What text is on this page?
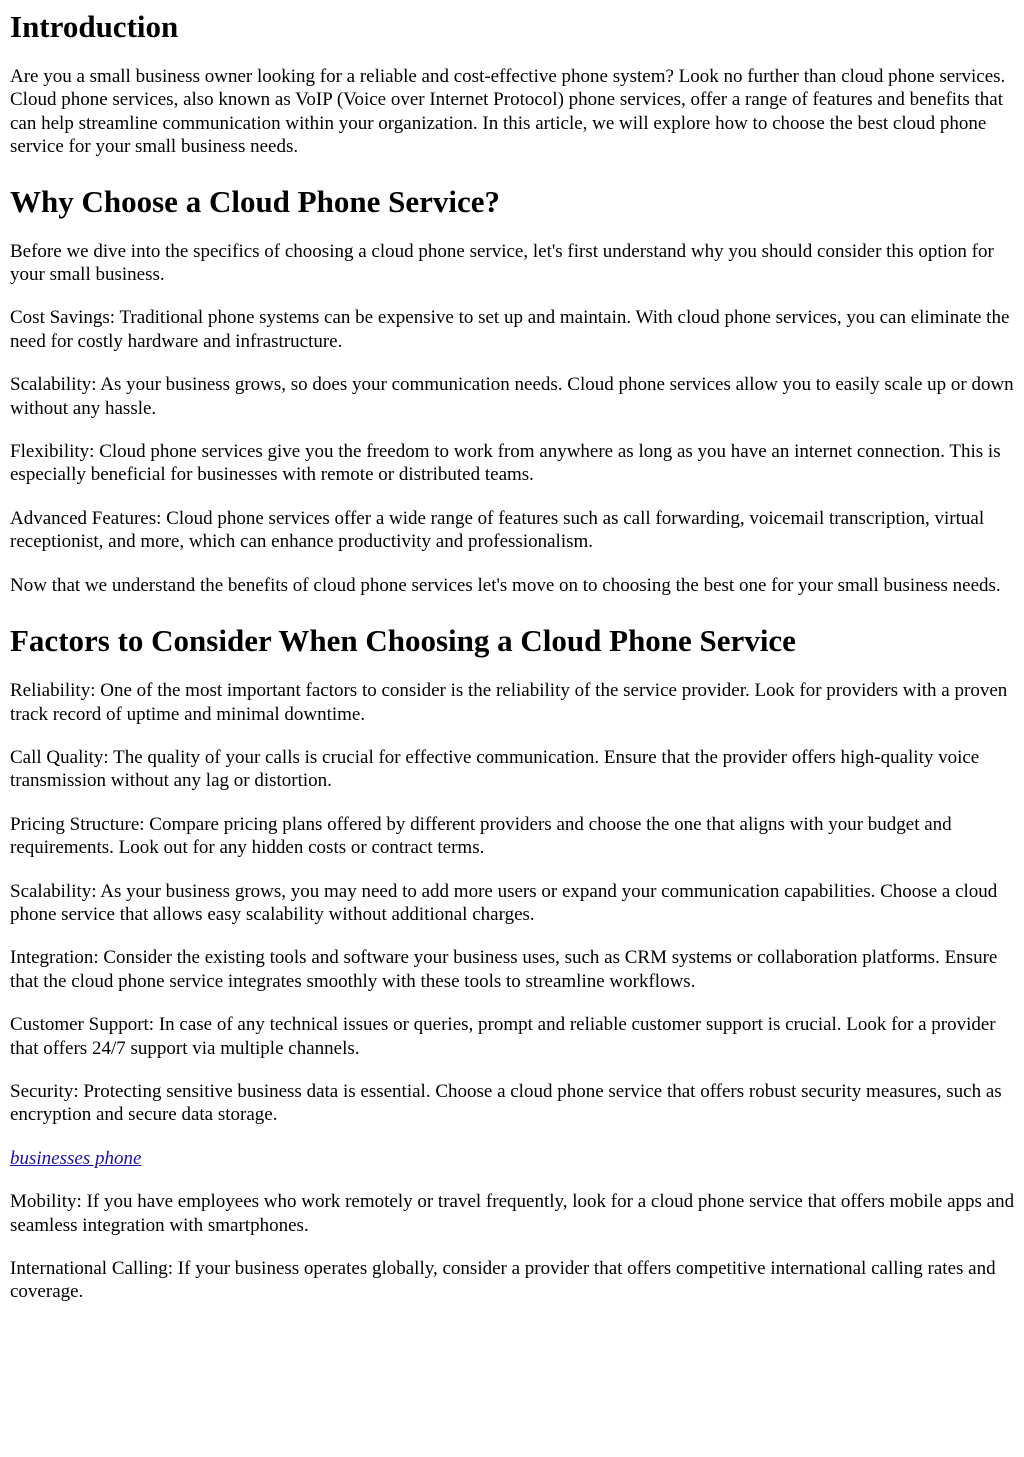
Introduction

Are you a small business owner looking for a reliable and cost-effective phone system? Look no further than cloud phone services. Cloud phone services, also known as VoIP (Voice over Internet Protocol) phone services, offer a range of features and benefits that can help streamline communication within your organization. In this article, we will explore how to choose the best cloud phone service for your small business needs.

Why Choose a Cloud Phone Service?

Before we dive into the specifics of choosing a cloud phone service, let's first understand why you should consider this option for your small business.

Cost Savings: Traditional phone systems can be expensive to set up and maintain. With cloud phone services, you can eliminate the need for costly hardware and infrastructure.

Scalability: As your business grows, so does your communication needs. Cloud phone services allow you to easily scale up or down without any hassle.

Flexibility: Cloud phone services give you the freedom to work from anywhere as long as you have an internet connection. This is especially beneficial for businesses with remote or distributed teams.

Advanced Features: Cloud phone services offer a wide range of features such as call forwarding, voicemail transcription, virtual receptionist, and more, which can enhance productivity and professionalism.

Now that we understand the benefits of cloud phone services let's move on to choosing the best one for your small business needs.

Factors to Consider When Choosing a Cloud Phone Service

Reliability: One of the most important factors to consider is the reliability of the service provider. Look for providers with a proven track record of uptime and minimal downtime.

Call Quality: The quality of your calls is crucial for effective communication. Ensure that the provider offers high-quality voice transmission without any lag or distortion.

Pricing Structure: Compare pricing plans offered by different providers and choose the one that aligns with your budget and requirements. Look out for any hidden costs or contract terms.

Scalability: As your business grows, you may need to add more users or expand your communication capabilities. Choose a cloud phone service that allows easy scalability without additional charges.

Integration: Consider the existing tools and software your business uses, such as CRM systems or collaboration platforms. Ensure that the cloud phone service integrates smoothly with these tools to streamline workflows.

Customer Support: In case of any technical issues or queries, prompt and reliable customer support is crucial. Look for a provider that offers 24/7 support via multiple channels.

Security: Protecting sensitive business data is essential. Choose a cloud phone service that offers robust security measures, such as encryption and secure data storage.

businesses phone

Mobility: If you have employees who work remotely or travel frequently, look for a cloud phone service that offers mobile apps and seamless integration with smartphones.

International Calling: If your business operates globally, consider a provider that offers competitive international calling rates and coverage.
